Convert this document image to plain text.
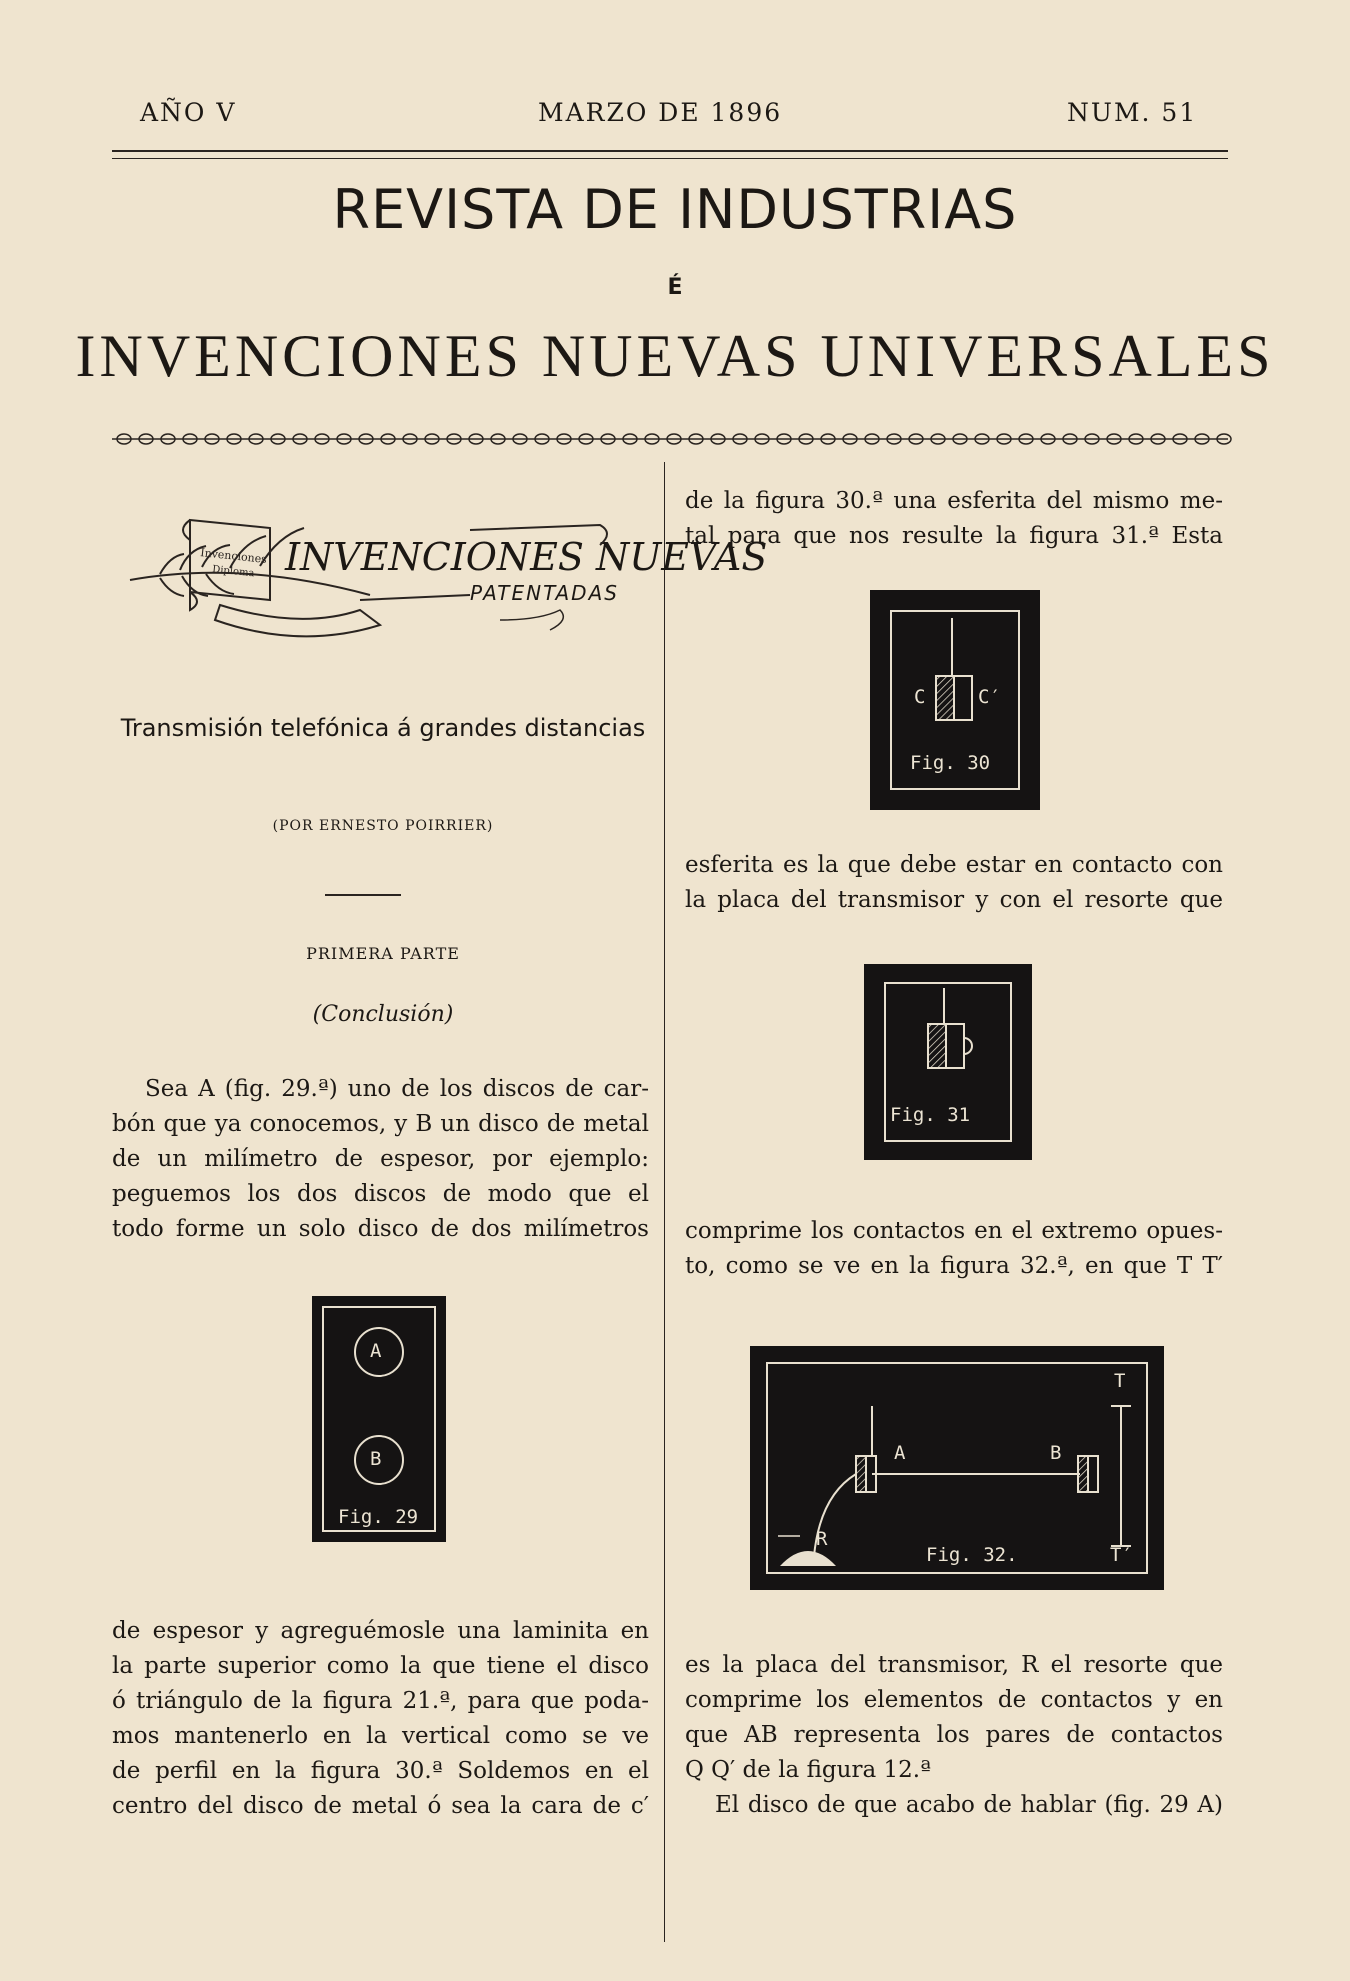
AÑO V	MARZO DE 1896	NUM. 51
REVISTA DE INDUSTRIAS
É
INVENCIONES NUEVAS UNIVERSALES
Invenciones
Diploma INVENCIONES NUEVAS
PATENTADAS
Transmisión telefónica á grandes distancias
(POR ERNESTO POIRRIER)
PRIMERA PARTE
(Conclusión)

Sea A (fig. 29.ª) uno de los discos de car-

bón que ya conocemos, y B un disco de metal

de un milímetro de espesor, por ejemplo:

peguemos los dos discos de modo que el

todo forme un solo disco de dos milímetros

A
B
Fig. 29

de espesor y agreguémosle una laminita en

la parte superior como la que tiene el disco

ó triángulo de la figura 21.ª, para que poda-

mos mantenerlo en la vertical como se ve

de perfil en la figura 30.ª Soldemos en el

centro del disco de metal ó sea la cara de c′

de la figura 30.ª una esferita del mismo me-

tal para que nos resulte la figura 31.ª Esta

C	C′
Fig. 30

esferita es la que debe estar en contacto con

la placa del transmisor y con el resorte que

Fig. 31

comprime los contactos en el extremo opues-

to, como se ve en la figura 32.ª, en que T T′

A	B
R
T
T′
Fig. 32.

es la placa del transmisor, R el resorte que

comprime los elementos de contactos y en

que AB representa los pares de contactos

Q Q′ de la figura 12.ª

El disco de que acabo de hablar (fig. 29 A)
